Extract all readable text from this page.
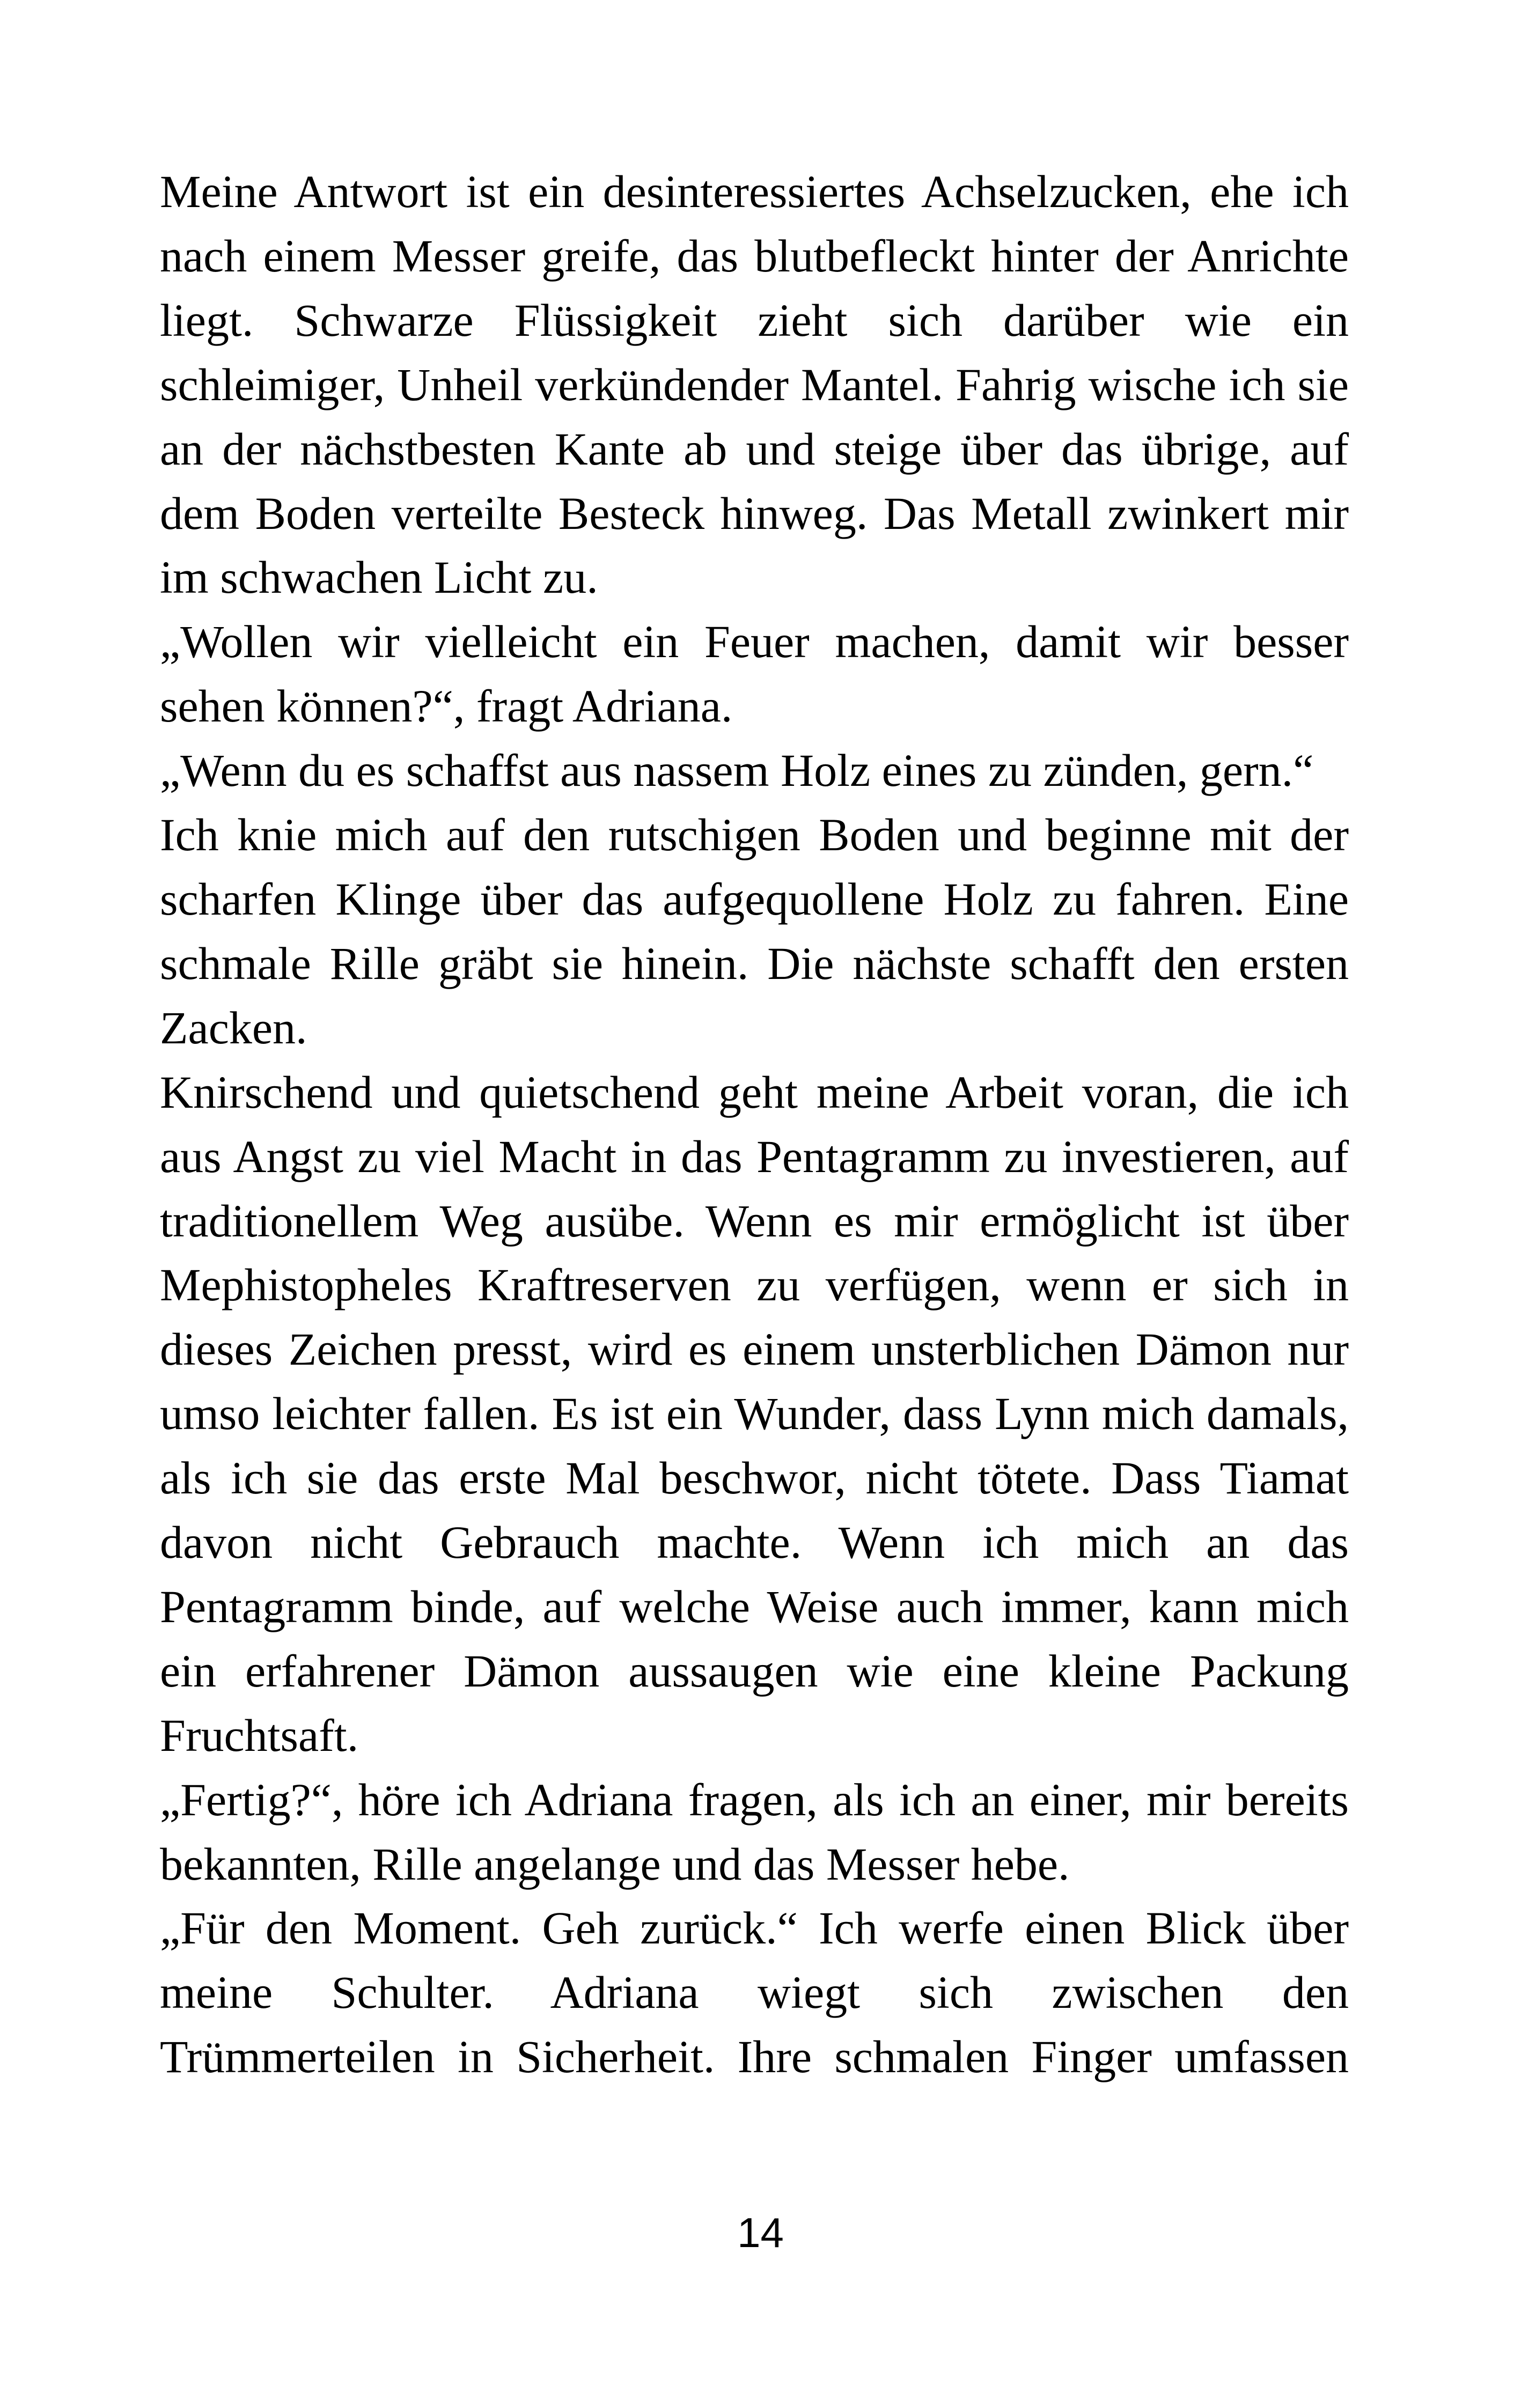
Meine Antwort ist ein desinteressiertes Achselzucken, ehe ich nach einem Messer greife, das blutbefleckt hinter der Anrichte liegt. Schwarze Flüssigkeit zieht sich darüber wie ein schleimiger, Unheil verkündender Mantel. Fahrig wische ich sie an der nächstbesten Kante ab und steige über das übrige, auf dem Boden verteilte Besteck hinweg. Das Metall zwinkert mir im schwachen Licht zu.

„Wollen wir vielleicht ein Feuer machen, damit wir besser sehen können?“, fragt Adriana.

„Wenn du es schaffst aus nassem Holz eines zu zünden, gern.“

Ich knie mich auf den rutschigen Boden und beginne mit der scharfen Klinge über das aufgequollene Holz zu fahren. Eine schmale Rille gräbt sie hinein. Die nächste schafft den ersten Zacken.

Knirschend und quietschend geht meine Arbeit voran, die ich aus Angst zu viel Macht in das Pentagramm zu investieren, auf traditionellem Weg ausübe. Wenn es mir ermöglicht ist über Mephistopheles Kraftreserven zu verfügen, wenn er sich in dieses Zeichen presst, wird es einem unsterblichen Dämon nur umso leichter fallen. Es ist ein Wunder, dass Lynn mich damals, als ich sie das erste Mal beschwor, nicht tötete. Dass Tiamat davon nicht Gebrauch machte. Wenn ich mich an das Pentagramm binde, auf welche Weise auch immer, kann mich ein erfahrener Dämon aussaugen wie eine kleine Packung Fruchtsaft.

„Fertig?“, höre ich Adriana fragen, als ich an einer, mir bereits bekannten, Rille angelange und das Messer hebe.

„Für den Moment. Geh zurück.“ Ich werfe einen Blick über meine Schulter. Adriana wiegt sich zwischen den Trümmerteilen in Sicherheit. Ihre schmalen Finger umfassen

14
